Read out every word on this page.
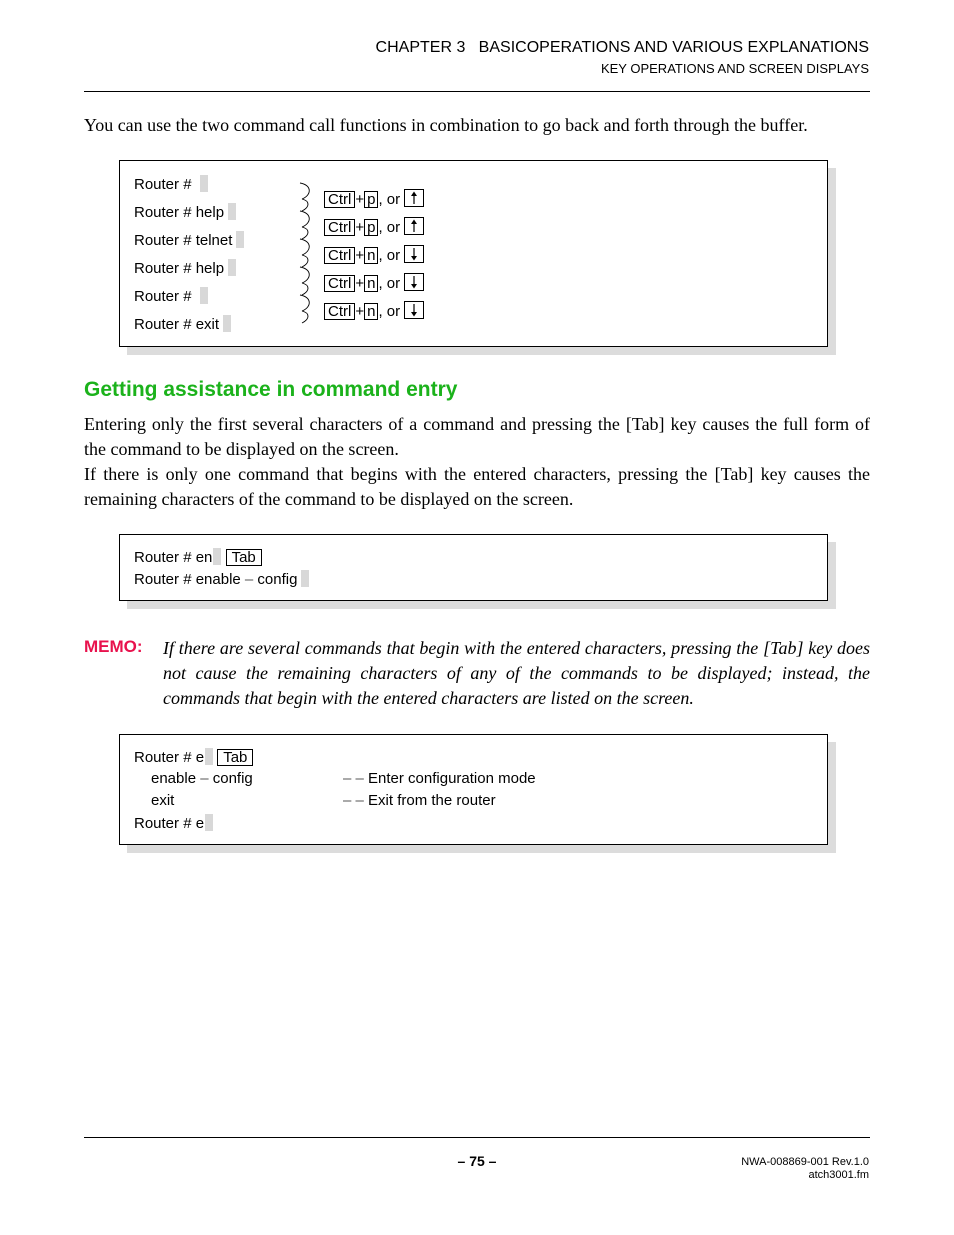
CHAPTER 3   BASICOPERATIONS AND VARIOUS EXPLANATIONS
KEY OPERATIONS AND SCREEN DISPLAYS
You can use the two command call functions in combination to go back and forth through the buffer.
Router #
Router # help
Router # telnet
Router # help
Router #
Router # exit
Ctrl + p , or
Ctrl + p , or
Ctrl + n , or
Ctrl + n , or
Ctrl + n , or
Getting assistance in command entry
Entering only the first several characters of a command and pressing the [Tab] key causes the full form of the command to be displayed on the screen.
If there is only one command that begins with the entered characters, pressing the [Tab] key causes the remaining characters of the command to be displayed on the screen.
Router # en Tab
Router # enable – config
MEMO: If there are several commands that begin with the entered characters, pressing the [Tab] key does not cause the remaining characters of any of the commands to be displayed; instead, the commands that begin with the entered characters are listed on the screen.
Router # e Tab
enable – config	– – Enter configuration mode
exit	– – Exit from the router
Router # e
– 75 –	NWA-008869-001 Rev.1.0
atch3001.fm
